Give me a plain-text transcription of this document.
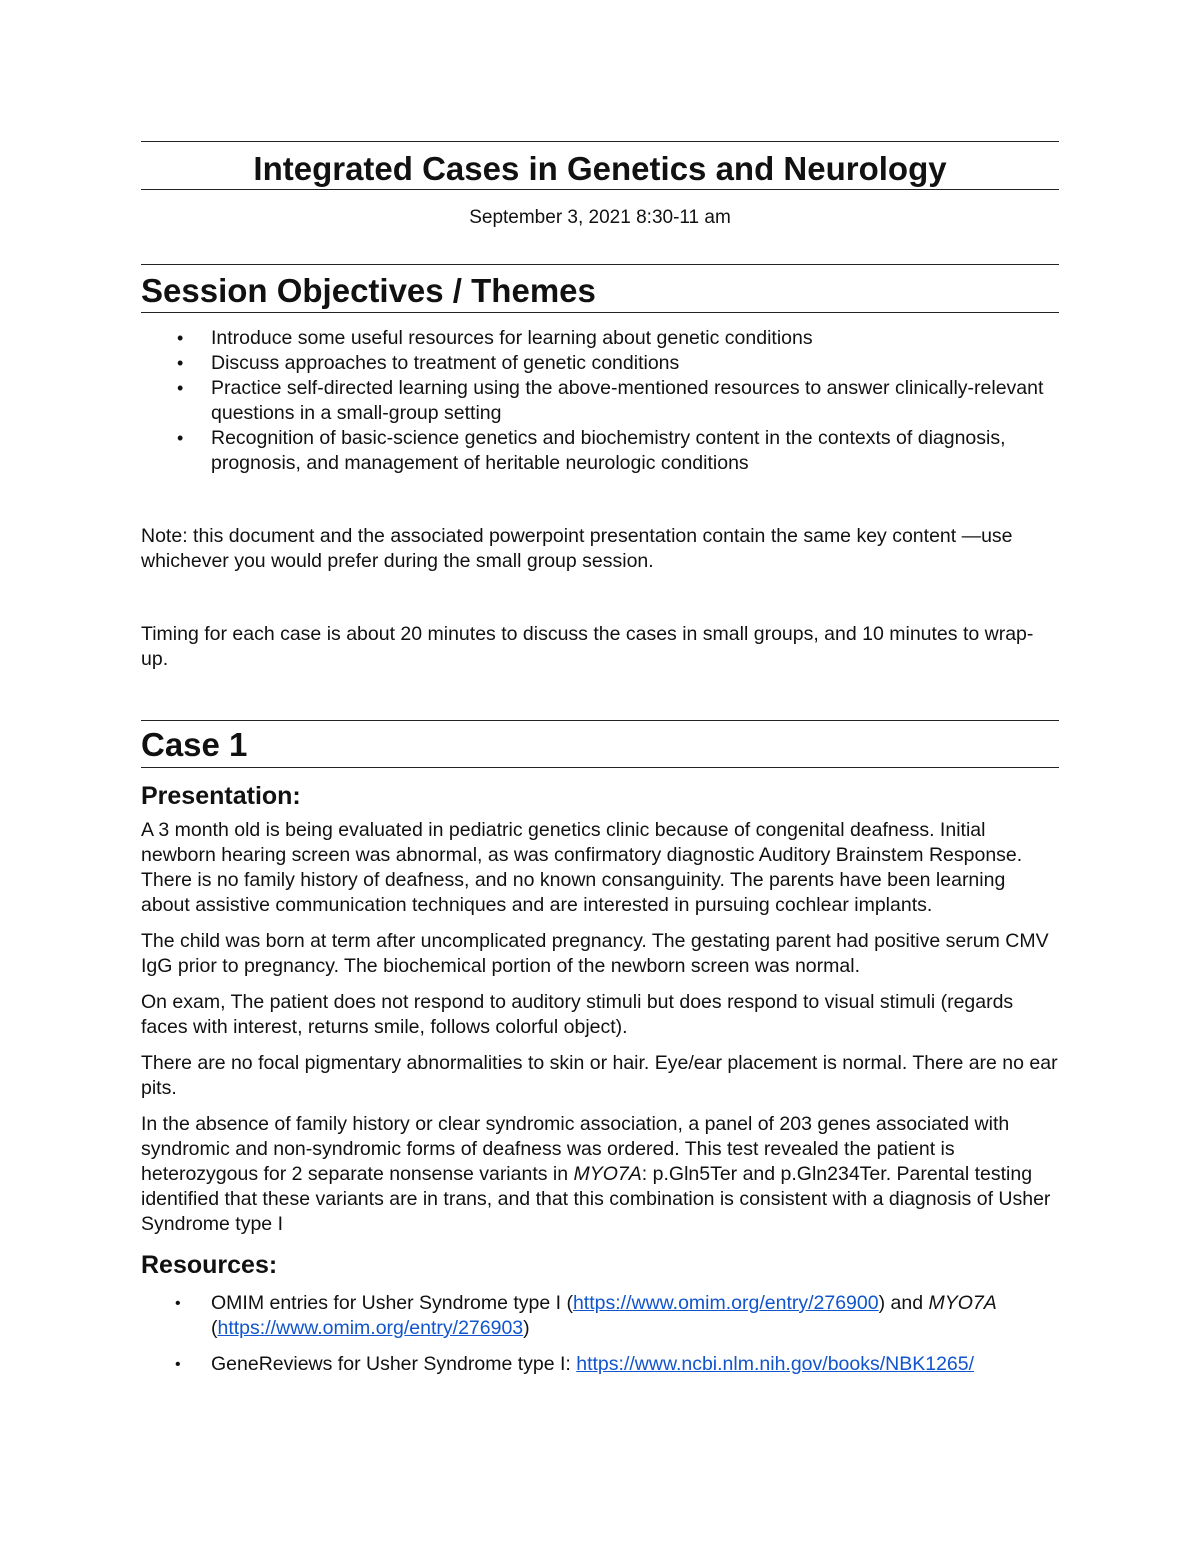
Integrated Cases in Genetics and Neurology
September 3, 2021 8:30-11 am
Session Objectives / Themes
• Introduce some useful resources for learning about genetic conditions
• Discuss approaches to treatment of genetic conditions
• Practice self-directed learning using the above-mentioned resources to answer clinically-relevant questions in a small-group setting
• Recognition of basic-science genetics and biochemistry content in the contexts of diagnosis, prognosis, and management of heritable neurologic conditions

Note: this document and the associated powerpoint presentation contain the same key content —use whichever you would prefer during the small group session.

Timing for each case is about 20 minutes to discuss the cases in small groups, and 10 minutes to wrap-up.

Case 1
Presentation:

A 3 month old is being evaluated in pediatric genetics clinic because of congenital deafness. Initial newborn hearing screen was abnormal, as was confirmatory diagnostic Auditory Brainstem Response. There is no family history of deafness, and no known consanguinity. The parents have been learning about assistive communication techniques and are interested in pursuing cochlear implants.

The child was born at term after uncomplicated pregnancy. The gestating parent had positive serum CMV IgG prior to pregnancy. The biochemical portion of the newborn screen was normal.

On exam, The patient does not respond to auditory stimuli but does respond to visual stimuli (regards faces with interest, returns smile, follows colorful object).

There are no focal pigmentary abnormalities to skin or hair. Eye/ear placement is normal. There are no ear pits.

In the absence of family history or clear syndromic association, a panel of 203 genes associated with syndromic and non-syndromic forms of deafness was ordered. This test revealed the patient is heterozygous for 2 separate nonsense variants in MYO7A: p.Gln5Ter and p.Gln234Ter. Parental testing identified that these variants are in trans, and that this combination is consistent with a diagnosis of Usher Syndrome type I

Resources:
• OMIM entries for Usher Syndrome type I (https://www.omim.org/entry/276900) and MYO7A (https://www.omim.org/entry/276903)
• GeneReviews for Usher Syndrome type I: https://www.ncbi.nlm.nih.gov/books/NBK1265/
